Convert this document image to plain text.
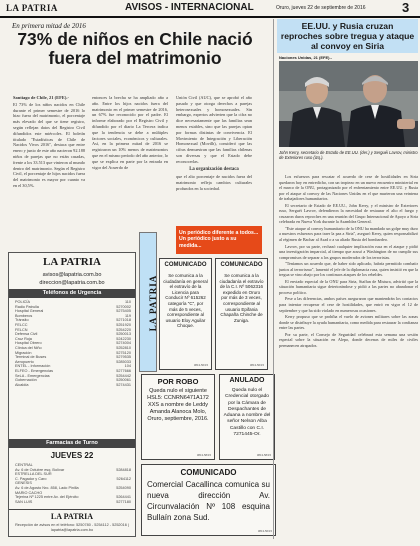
LA PATRIA	AVISOS - INTERNACIONAL	Oruro, jueves 22 de septiembre de 2016	3
En primera mitad de 2016
73% de niños en Chile nació fuera del matrimonio
Santiago de Chile, 21 (EFE).-

El 73% de los niños nacidos en Chile durante el primer semestre de 2016 lo hizo fuera del matrimonio, el porcentaje más elevado del que se tiene registro, según reflejan datos del Registro Civil difundidos este miércoles. El boletín titulado "Estadísticas de Chile de Nacidos Vivos 2016", destaca que entre enero y junio de este año nacieron 92.188 niños de parejas que no están casadas, frente a los 33.513 que vinieron al mundo dentro del matrimonio. Según el Registro Civil, el porcentaje de hijos nacidos fuera del matrimonio es mayor por cuanto va en el 30,5%.

entonces la brecha se ha ampliado año a año. Entre los hijos nacidos fuera del matrimonio en el primer semestre de 2016, un 67% fue reconocido por el padre. El informe elaborado por el Registro Civil y difundido por el diario La Tercera indica que la tendencia se debe a múltiples factores sociales, económicos y culturales. Así, en la primera mitad de 2016 se registraron un 10% menos de matrimonios que en el mismo período del año anterior, lo que se explica en parte por la entrada en vigor del Acuerdo de

Unión Civil (AUC), que se aprobó el año pasado y que otorga derechos a parejas heterosexuales y homosexuales. Sin embargo, expertos advierten que la cifra no dice necesariamente que las familias sean menos estables, sino que las parejas optan por formas distintas de convivencia. El Movimiento de Integración y Liberación Homosexual (Movilh), consideró que las cifras demuestran que las familias chilenas son diversas y que el Estado debe reconocerlas.

La organización destaca

que el alto porcentaje de nacidos fuera del matrimonio refleja cambios culturales profundos en la sociedad.

Un periódico diferente a todos...
Un periódico justo a su medida...
LA PATRIA
avisos@lapatria.com.bo
direccion@lapatria.com.bo
Teléfonos de Urgencia
POLICÍA	110
Radio Patrulla	5270002
Hospital General	5275405
Bomberos	119
Tránsito	5271018
FELCC	5251920
FELCN	5254220
Defensa Civil	5250013
Cruz Roja	5242230
Hospital Obrero	5274004
Clínica del Niño	5252810
Migración	5275120
Terminal de Buses	5279535
Aeropuerto	5285033
ENTEL - Información	104
ELFEO - Emergencias	5277666
SeLA - Emergencias	5254442
Gobernación	5250061
Alcaldía	5274431
Farmacias de Turno
JUEVES 22
CENTRAL
Av. 6 de Octubre esq. Bolívar	5284818
ESTRELLA DEL SUR
C. Pagador y Caro	5264112
GENESIS
Av. 6 de Agosto Nro. 858, Lado Pinilla	5254090
MARIO CACHO
Tejerina Nº 1225 entre Av. del Ejército	5264441
SAN LUIS	5277180
LA PATRIA
Recepción de avisos en el teléfono: 5250780 - 5254112 - 5252016 | lapatria@lapatria.com.bo
LA PATRIA
COMUNICADO
Se comunica a la ciudadanía en general el extravío de la Licencia para Conducir Nº 615262 categoría "C", por más de 5 veces, correspondiente al usuario Eloy Aguilar Choque.
3813-56/15
COMUNICADO
Se comunica a la ciudadanía el extravío de la C.I. Nº 5062316 expedido en Oruro por más de 3 veces, correspondiente al usuario Epifania Chapaña Chinche de Zuniga.
3813-56/15
POR ROBO
Queda nulo el siguiente HSL5: CCNRN6471A172 XXS a nombre de Leddy Amanda Alanoca Molo, Oruro, septiembre, 2016.
3813-58/15
ANULADO
Queda nulo el Credencial otorgado por la Cámara de Despachantes de Aduana a nombre del señor Nelson Alba Castillo con C.I. 7271445-Or.
3813-58/15
COMUNICADO
Comercial Cacallinca comunica su nueva dirección Av. Circunvalación Nº 108 esquina Bullaín zona Sud.
3813-56/15
EE.UU. y Rusia cruzan reproches sobre tregua y ataque al convoy en Siria
Naciones Unidas, 21 (EFE).-
John Kerry, secretario de Estado de EE.UU. (der.) y Serguéi Lavrov, ministro de Exteriores ruso (izq.).

Los esfuerzos para rescatar el acuerdo de cese de hostilidades en Siria quedaron hoy en entredicho, con un tropiezo en un nuevo encuentro ministerial en el marco de la ONU, protagonizado por el enfrentamiento entre EE.UU. y Rusia por el ataque al convoy de las Naciones Unidas en el que murieron una veintena de trabajadores humanitarios.

El secretario de Estado de EE.UU., John Kerry, y el ministro de Exteriores ruso, Serguéi Lavrov, defendieron la necesidad de restaurar el alto el fuego y cruzaron duros reproches en una reunión del Grupo Internacional de Apoyo a Siria celebrada en Nueva York durante la Asamblea General.

"Este ataque al convoy humanitario de la ONU ha mandado un golpe muy duro a nuestros esfuerzos para traer la paz a Siria", aseguró Kerry, quien responsabilizó al régimen de Bachar al Asad o a su aliado Rusia del bombardeo.

Lavrov, por su parte, rechazó cualquier implicación rusa en el ataque y pidió una investigación imparcial, al tiempo que acusó a Washington de no cumplir sus compromisos de separar a los grupos moderados de los terroristas.

"Teníamos un acuerdo que, de haber sido aplicado, habría permitido combatir juntos al terrorismo", lamentó el jefe de la diplomacia rusa, quien insistió en que la tregua se vino abajo por los continuos ataques de los rebeldes.

El enviado especial de la ONU para Siria, Staffan de Mistura, advirtió que la situación humanitaria sigue deteriorándose y pidió a las partes no abandonar el proceso político.

Pese a las diferencias, ambos países aseguraron que mantendrán los contactos para intentar recuperar el cese de hostilidades, que entró en vigor el 12 de septiembre y que ha sido violado en numerosas ocasiones.

Kerry propuso que se prohíba el vuelo de aviones militares sobre las zonas donde se distribuye la ayuda humanitaria, como medida para restaurar la confianza entre las partes.

Por su parte, el Consejo de Seguridad celebrará esta semana una sesión especial sobre la situación en Alepo, donde decenas de miles de civiles permanecen atrapados.
